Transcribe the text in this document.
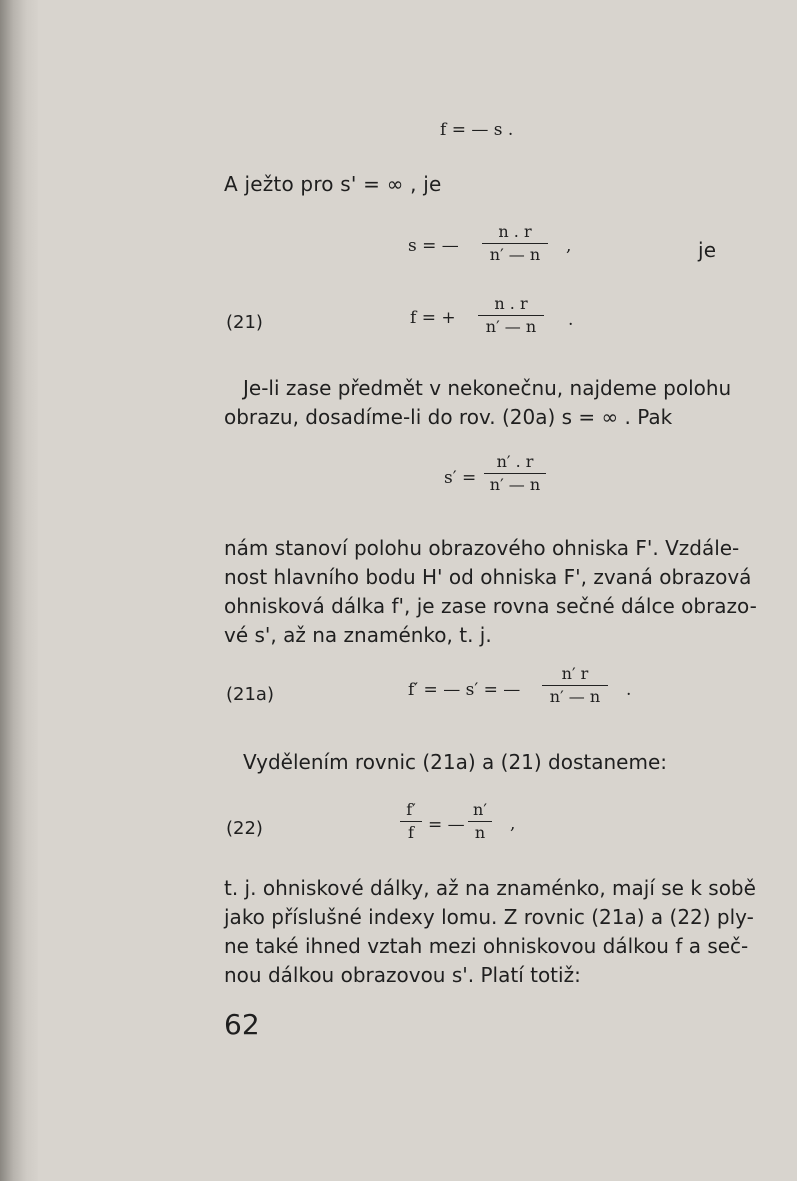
f = — s .
A ježto pro s' = ∞ , je
s = —
n . r
n′ — n	,	je
(21)	f = +
n . r
n′ — n	.
Je-li zase předmět v nekonečnu, najdeme polohu
obrazu, dosadíme-li do rov. (20a) s = ∞ . Pak
s′ =
n′ . r
n′ — n
nám stanoví polohu obrazového ohniska F'. Vzdále-
nost hlavního bodu H' od ohniska F', zvaná obrazová
ohnisková dálka f', je zase rovna sečné dálce obrazo-
vé s', až na znaménko, t. j.
(21a)	f′ = — s′ = —
n′ r
n′ — n	.
Vydělením rovnic (21a) a (21) dostaneme:
(22)
f′
f = —
n′
n	,
t. j. ohniskové dálky, až na znaménko, mají se k sobě
jako příslušné indexy lomu. Z rovnic (21a) a (22) ply-
ne také ihned vztah mezi ohniskovou dálkou f a seč-
nou dálkou obrazovou s'. Platí totiž:
62
